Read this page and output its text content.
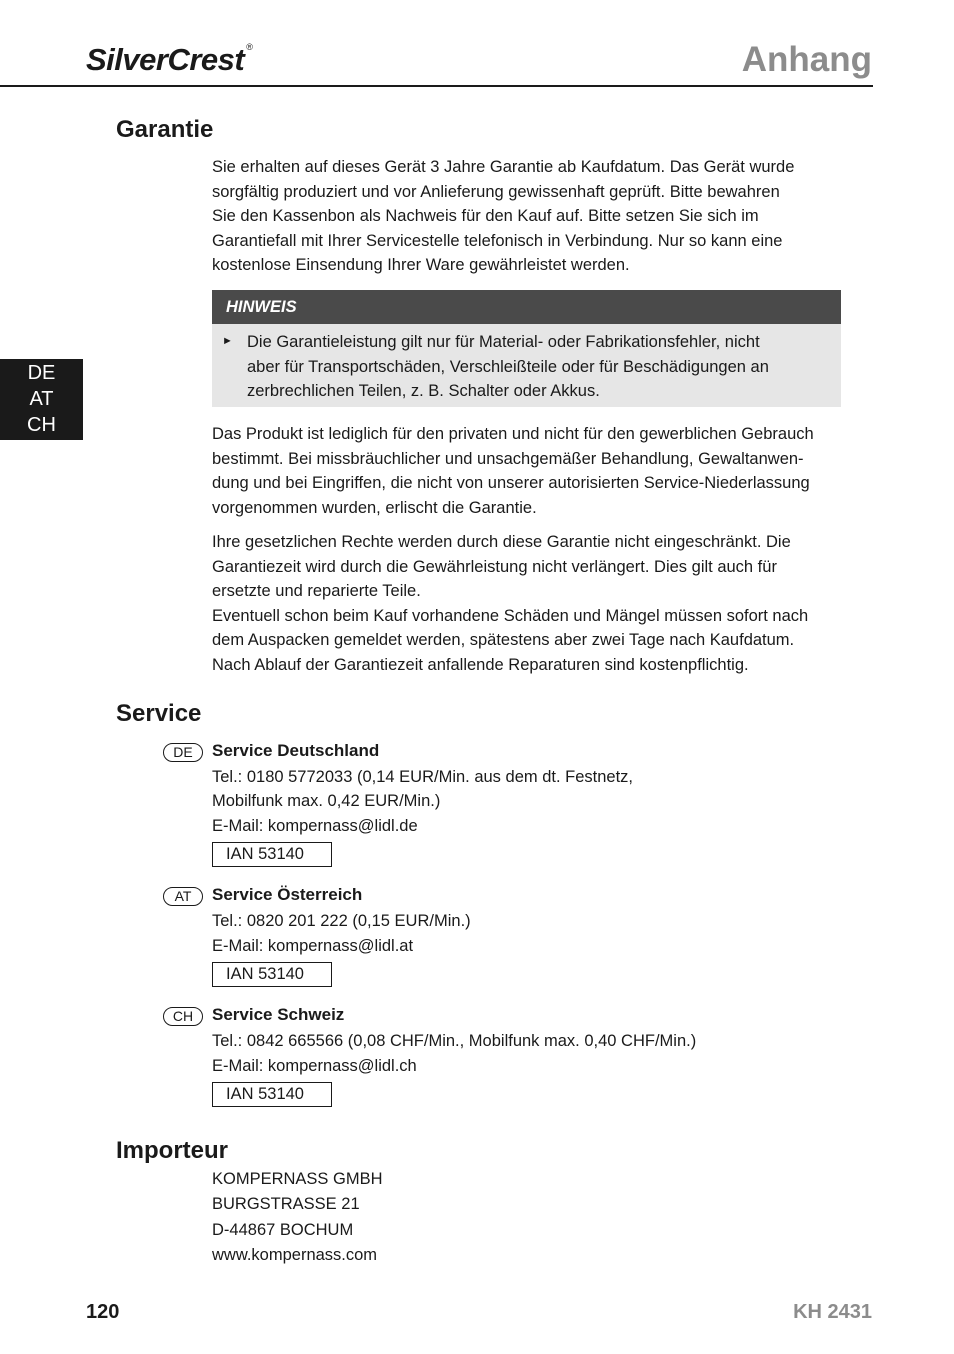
SilverCrest ®	Anhang
DE
AT
CH
Garantie

Sie erhalten auf dieses Gerät 3 Jahre Garantie ab Kaufdatum. Das Gerät wurde

sorgfältig produziert und vor Anlieferung gewissenhaft geprüft. Bitte bewahren

Sie den Kassenbon als Nachweis für den Kauf auf. Bitte setzen Sie sich im

Garantiefall mit Ihrer Servicestelle telefonisch in Verbindung. Nur so kann eine

kostenlose Einsendung Ihrer Ware gewährleistet werden.

HINWEIS
► Die Garantieleistung gilt nur für Material- oder Fabrikationsfehler, nicht

aber für Transportschäden, Verschleißteile oder für Beschädigungen an

zerbrechlichen Teilen, z. B. Schalter oder Akkus.

Das Produkt ist lediglich für den privaten und nicht für den gewerblichen Gebrauch

bestimmt. Bei missbräuchlicher und unsachgemäßer Behandlung, Gewaltanwen-

dung und bei Eingriffen, die nicht von unserer autorisierten Service-Niederlassung

vorgenommen wurden, erlischt die Garantie.

Ihre gesetzlichen Rechte werden durch diese Garantie nicht eingeschränkt. Die

Garantiezeit wird durch die Gewährleistung nicht verlängert. Dies gilt auch für

ersetzte und reparierte Teile.

Eventuell schon beim Kauf vorhandene Schäden und Mängel müssen sofort nach

dem Auspacken gemeldet werden, spätestens aber zwei Tage nach Kaufdatum.

Nach Ablauf der Garantiezeit anfallende Reparaturen sind kostenpflichtig.

Service
DE	Service Deutschland
Tel.: 0180 5772033 (0,14 EUR/Min. aus dem dt. Festnetz,
Mobilfunk max. 0,42 EUR/Min.)
E-Mail: kompernass@lidl.de
IAN 53140
AT	Service Österreich
Tel.: 0820 201 222 (0,15 EUR/Min.)
E-Mail: kompernass@lidl.at
IAN 53140
CH	Service Schweiz
Tel.: 0842 665566 (0,08 CHF/Min., Mobilfunk max. 0,40 CHF/Min.)
E-Mail: kompernass@lidl.ch
IAN 53140
Importeur
KOMPERNASS GMBH
BURGSTRASSE 21
D-44867 BOCHUM
www.kompernass.com
120	KH 2431
